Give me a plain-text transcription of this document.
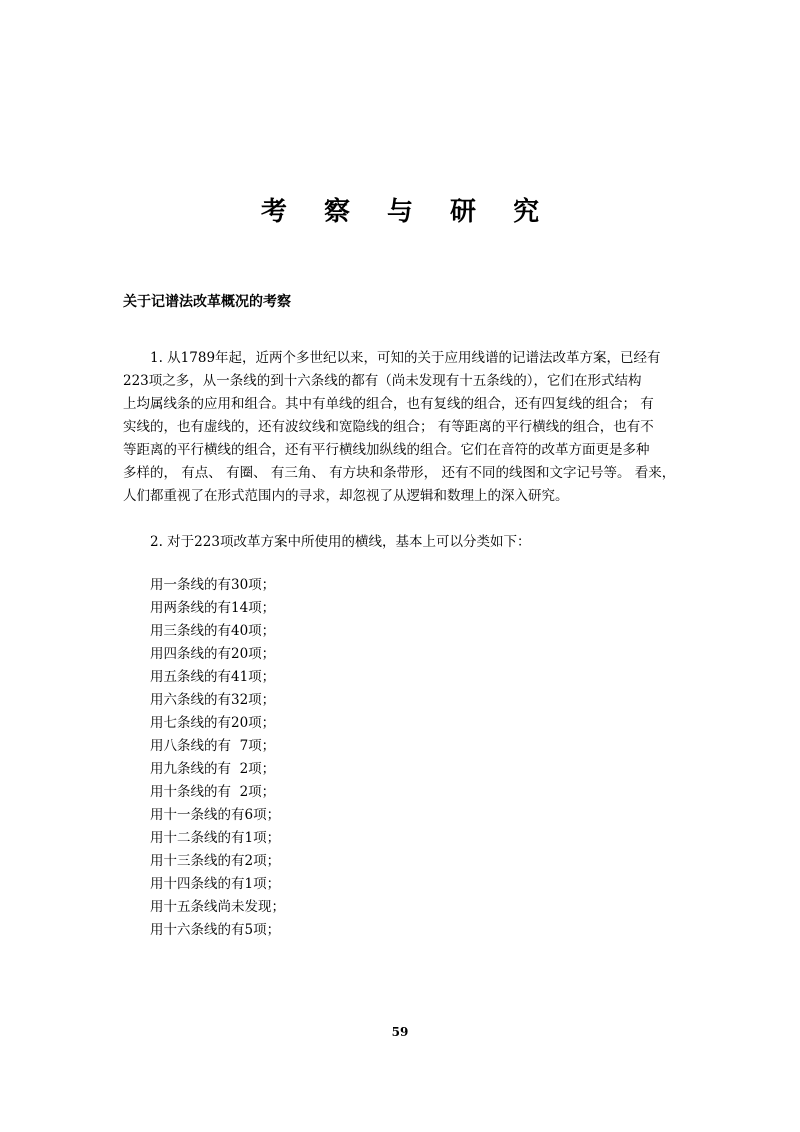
考 察 与 研 究
关于记谱法改革概况的考察

1. 从1789年起，近两个多世纪以来，可知的关于应用线谱的记谱法改革方案，已经有
223项之多，从一条线的到十六条线的都有（尚未发现有十五条线的），它们在形式结构
上均属线条的应用和组合。其中有单线的组合，也有复线的组合，还有四复线的组合； 有
实线的，也有虚线的，还有波纹线和宽隐线的组合； 有等距离的平行横线的组合，也有不
等距离的平行横线的组合，还有平行横线加纵线的组合。它们在音符的改革方面更是多种
多样的， 有点、 有圈、 有三角、 有方块和条带形， 还有不同的线图和文字记号等。 看来，
人们都重视了在形式范围内的寻求，却忽视了从逻辑和数理上的深入研究。

2. 对于223项改革方案中所使用的横线，基本上可以分类如下：

用一条线的有30项；
用两条线的有14项；
用三条线的有40项；
用四条线的有20项；
用五条线的有41项；
用六条线的有32项；
用七条线的有20项；
用八条线的有  7项；
用九条线的有  2项；
用十条线的有  2项；
用十一条线的有6项；
用十二条线的有1项；
用十三条线的有2项；
用十四条线的有1项；
用十五条线尚未发现；
用十六条线的有5项；
59
